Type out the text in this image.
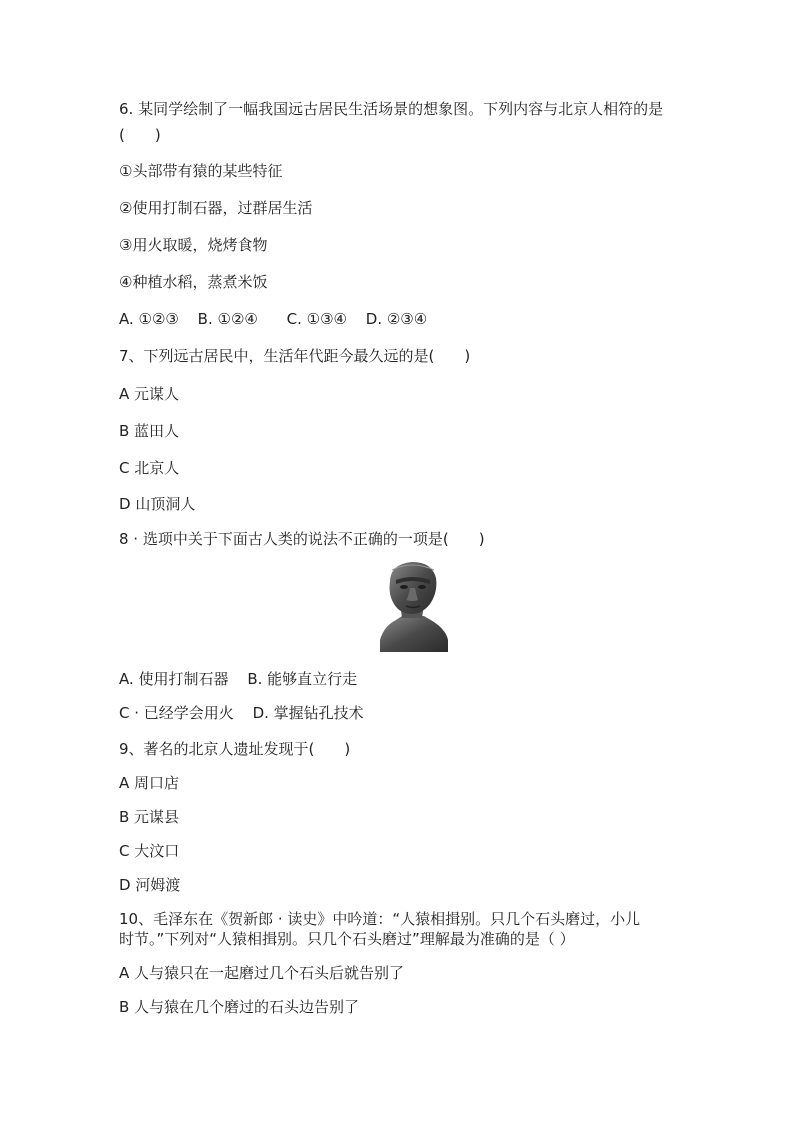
6. 某同学绘制了一幅我国远古居民生活场景的想象图。下列内容与北京人相符的是(　　)
①头部带有猿的某些特征
②使用打制石器，过群居生活
③用火取暖，烧烤食物
④种植水稻，蒸煮米饭
A. ①②③ B. ①②④ C. ①③④ D. ②③④
7、下列远古居民中，生活年代距今最久远的是(　　)
A 元谋人
B 蓝田人
C 北京人
D 山顶洞人
8 · 选项中关于下面古人类的说法不正确的一项是(　　)
A. 使用打制石器 B. 能够直立行走
C · 已经学会用火 D. 掌握钻孔技术
9、著名的北京人遗址发现于(　　)
A 周口店
B 元谋县
C 大汶口
D 河姆渡
10、毛泽东在《贺新郎 · 读史》中吟道：“人猿相揖别。只几个石头磨过，小儿
时节。”下列对“人猿相揖别。只几个石头磨过”理解最为准确的是（ ）
A 人与猿只在一起磨过几个石头后就告别了
B 人与猿在几个磨过的石头边告别了
